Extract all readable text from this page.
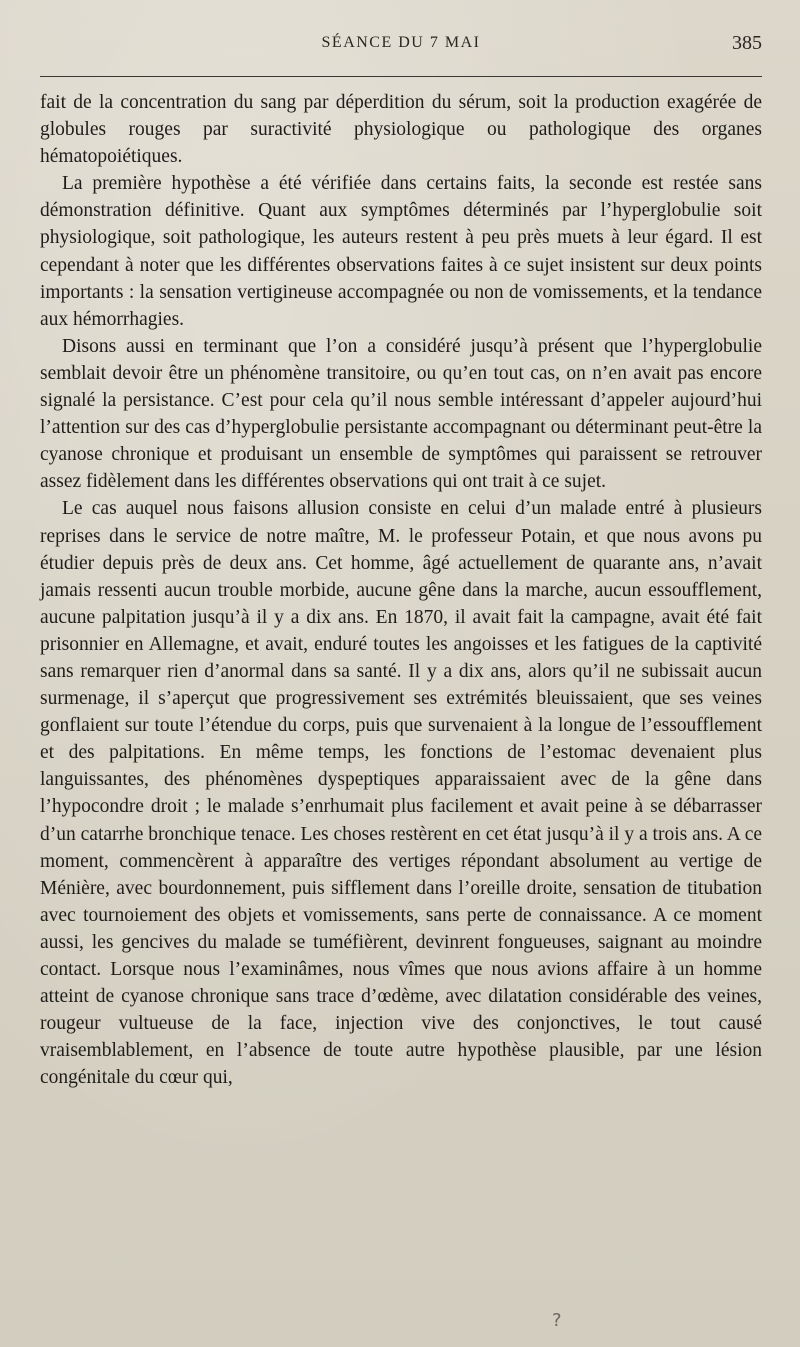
SÉANCE DU 7 MAI	385

fait de la concentration du sang par déperdition du sérum, soit la production exagérée de globules rouges par suractivité physiologique ou pathologique des organes hématopoiétiques.

La première hypothèse a été vérifiée dans certains faits, la seconde est restée sans démonstration définitive. Quant aux symptômes déterminés par l’hyperglobulie soit physiologique, soit pathologique, les auteurs restent à peu près muets à leur égard. Il est cependant à noter que les différentes observations faites à ce sujet insistent sur deux points importants : la sensation vertigineuse accompagnée ou non de vomissements, et la tendance aux hémorrhagies.

Disons aussi en terminant que l’on a considéré jusqu’à présent que l’hyperglobulie semblait devoir être un phénomène transitoire, ou qu’en tout cas, on n’en avait pas encore signalé la persistance. C’est pour cela qu’il nous semble intéressant d’appeler aujourd’hui l’attention sur des cas d’hyperglobulie persistante accompagnant ou déterminant peut-être la cyanose chronique et produisant un ensemble de symptômes qui paraissent se retrouver assez fidèlement dans les différentes observations qui ont trait à ce sujet.

Le cas auquel nous faisons allusion consiste en celui d’un malade entré à plusieurs reprises dans le service de notre maître, M. le professeur Potain, et que nous avons pu étudier depuis près de deux ans. Cet homme, âgé actuellement de quarante ans, n’avait jamais ressenti aucun trouble morbide, aucune gêne dans la marche, aucun essoufflement, aucune palpitation jusqu’à il y a dix ans. En 1870, il avait fait la campagne, avait été fait prisonnier en Allemagne, et avait, enduré toutes les angoisses et les fatigues de la captivité sans remarquer rien d’anormal dans sa santé. Il y a dix ans, alors qu’il ne subissait aucun surmenage, il s’aperçut que progressivement ses extrémités bleuissaient, que ses veines gonflaient sur toute l’étendue du corps, puis que survenaient à la longue de l’essoufflement et des palpitations. En même temps, les fonctions de l’estomac devenaient plus languissantes, des phénomènes dyspeptiques apparaissaient avec de la gêne dans l’hypocondre droit ; le malade s’enrhumait plus facilement et avait peine à se débarrasser d’un catarrhe bronchique tenace. Les choses restèrent en cet état jusqu’à il y a trois ans. A ce moment, commencèrent à apparaître des vertiges répondant absolument au vertige de Ménière, avec bourdonnement, puis sifflement dans l’oreille droite, sensation de titubation avec tournoiement des objets et vomissements, sans perte de connaissance. A ce moment aussi, les gencives du malade se tuméfièrent, devinrent fongueuses, saignant au moindre contact. Lorsque nous l’examinâmes, nous vîmes que nous avions affaire à un homme atteint de cyanose chronique sans trace d’œdème, avec dilatation considérable des veines, rougeur vultueuse de la face, injection vive des conjonctives, le tout causé vraisemblablement, en l’absence de toute autre hypothèse plausible, par une lésion congénitale du cœur qui,

?
